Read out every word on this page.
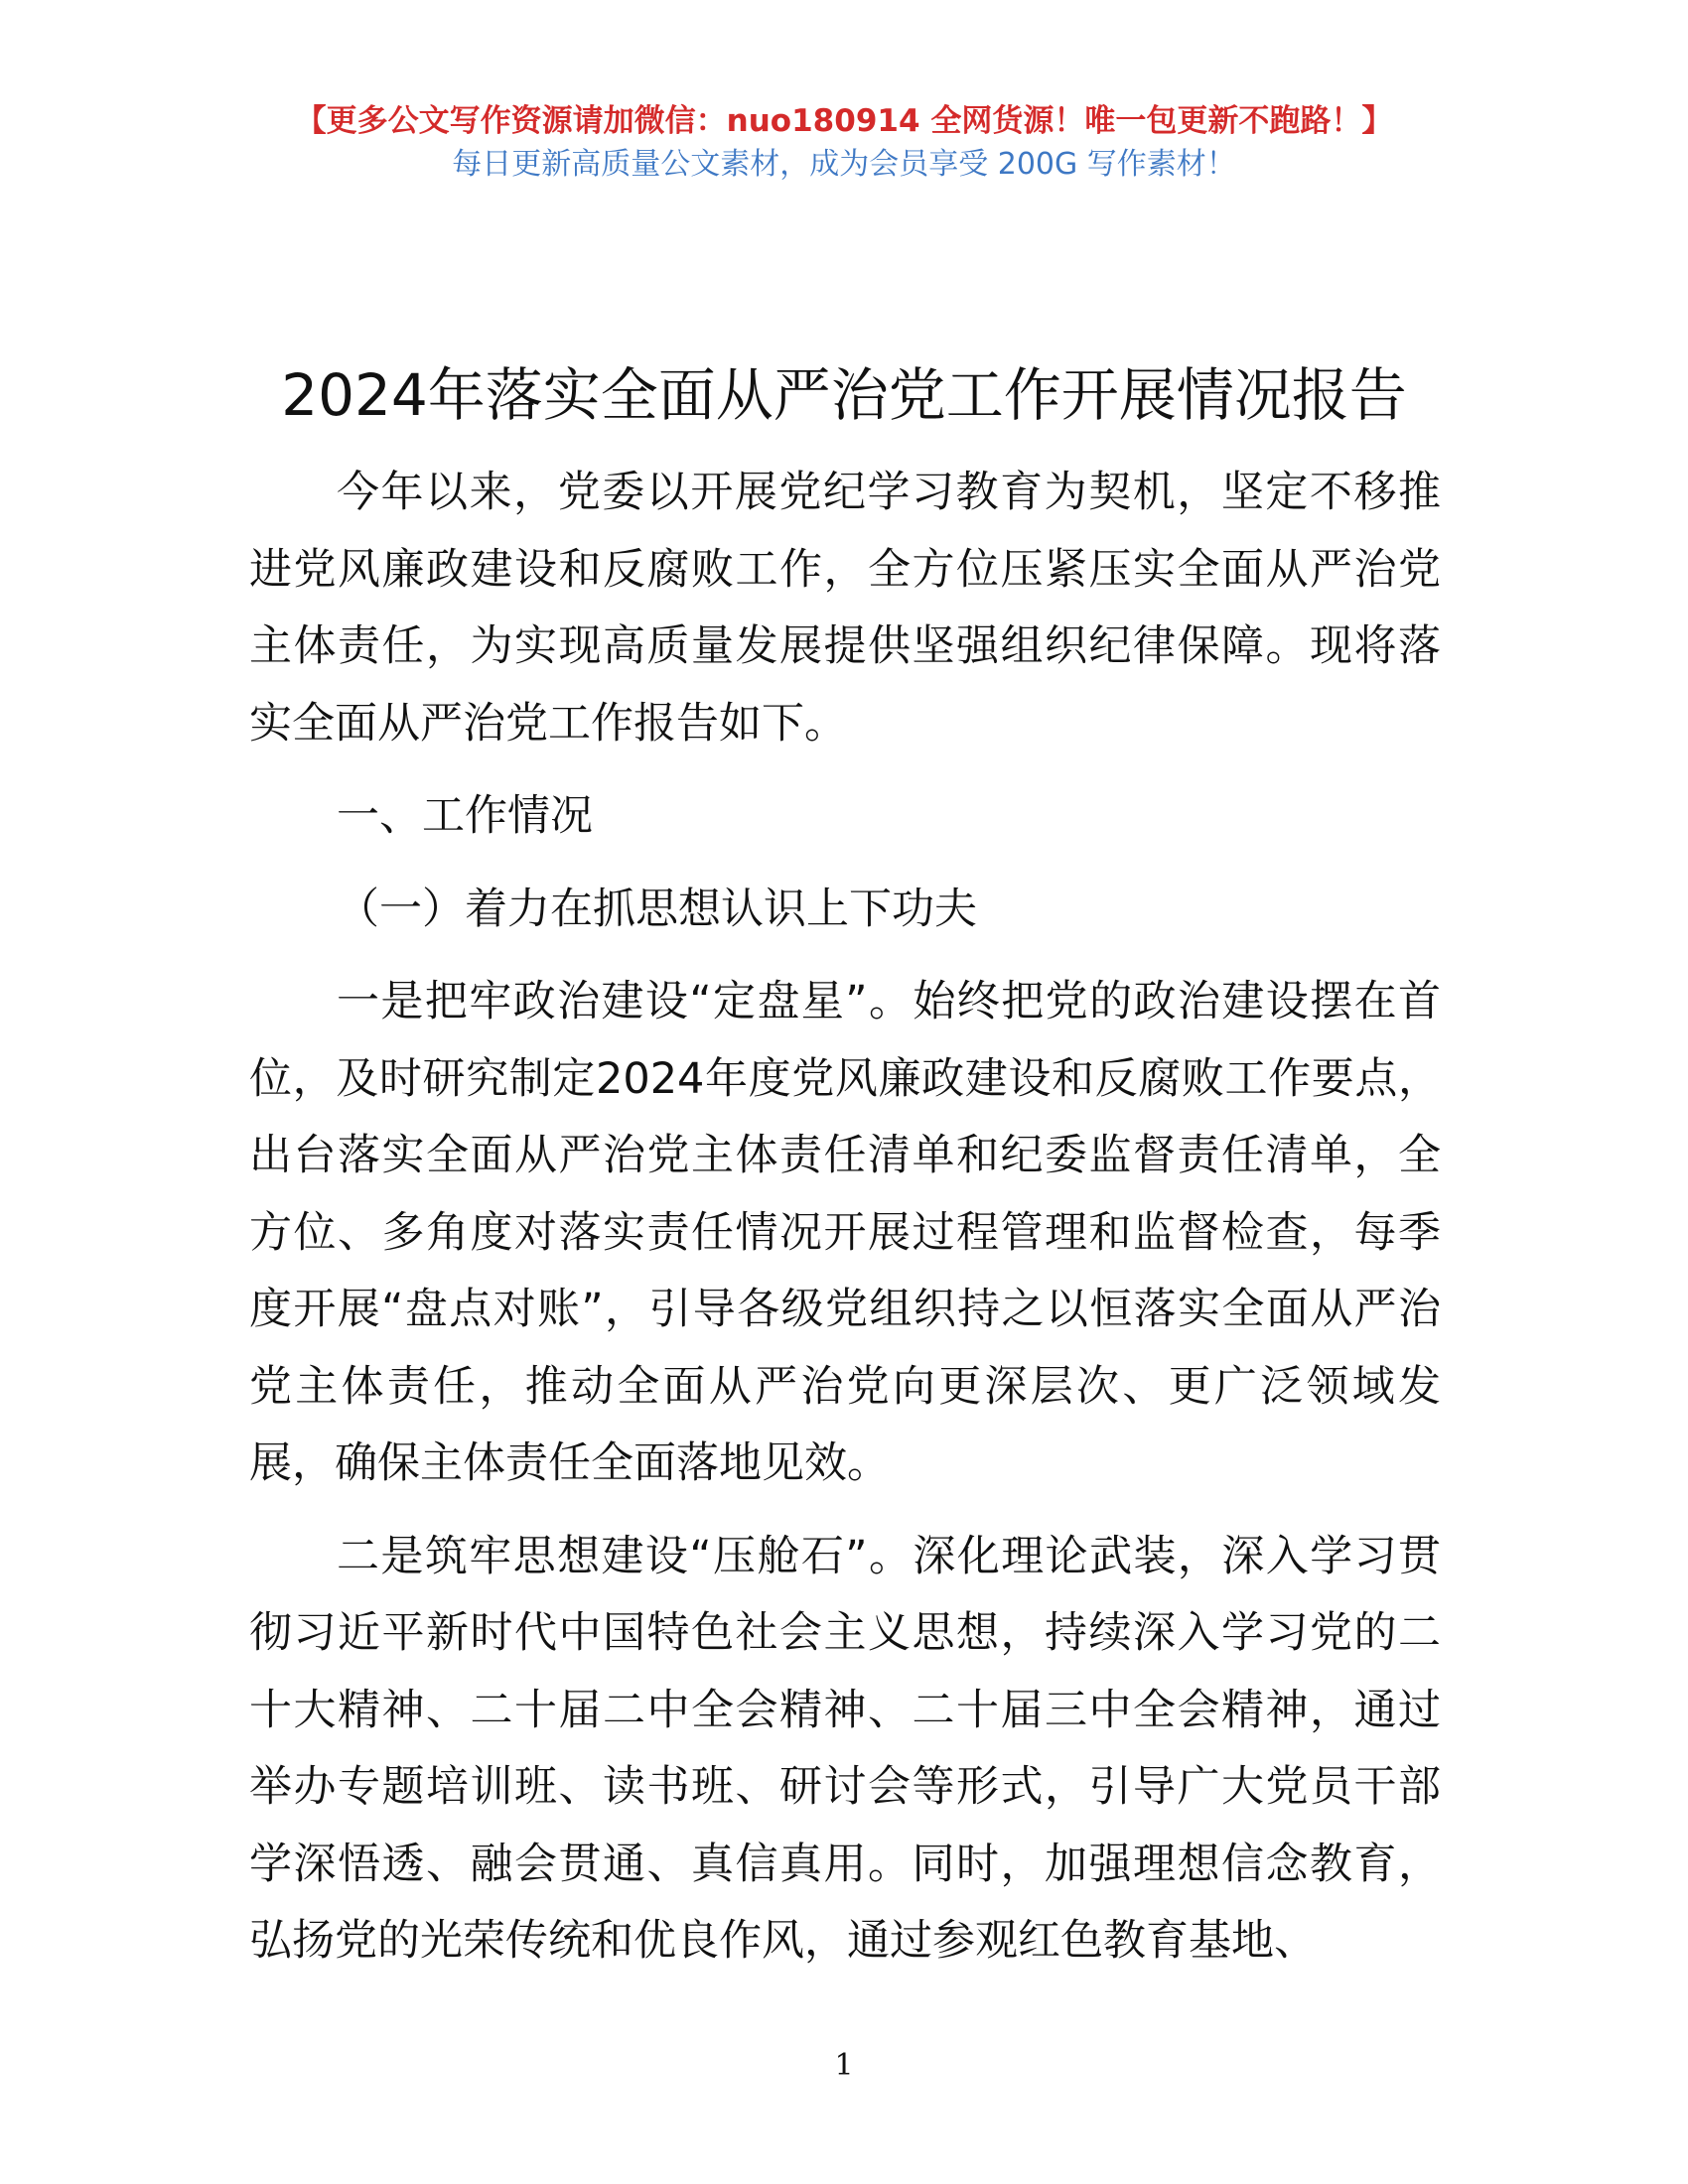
【更多公文写作资源请加微信：nuo180914 全网货源！唯一包更新不跑路！】
每日更新高质量公文素材，成为会员享受 200G 写作素材！
2024年落实全面从严治党工作开展情况报告

今年以来，党委以开展党纪学习教育为契机，坚定不移推进党风廉政建设和反腐败工作，全方位压紧压实全面从严治党主体责任，为实现高质量发展提供坚强组织纪律保障。现将落实全面从严治党工作报告如下。

一、工作情况

（一）着力在抓思想认识上下功夫

一是把牢政治建设“定盘星”。始终把党的政治建设摆在首位，及时研究制定2024年度党风廉政建设和反腐败工作要点，出台落实全面从严治党主体责任清单和纪委监督责任清单，全方位、多角度对落实责任情况开展过程管理和监督检查，每季度开展“盘点对账”，引导各级党组织持之以恒落实全面从严治党主体责任，推动全面从严治党向更深层次、更广泛领域发展，确保主体责任全面落地见效。

二是筑牢思想建设“压舱石”。深化理论武装，深入学习贯彻习近平新时代中国特色社会主义思想，持续深入学习党的二十大精神、二十届二中全会精神、二十届三中全会精神，通过举办专题培训班、读书班、研讨会等形式，引导广大党员干部学深悟透、融会贯通、真信真用。同时，加强理想信念教育，弘扬党的光荣传统和优良作风，通过参观红色教育基地、

1
